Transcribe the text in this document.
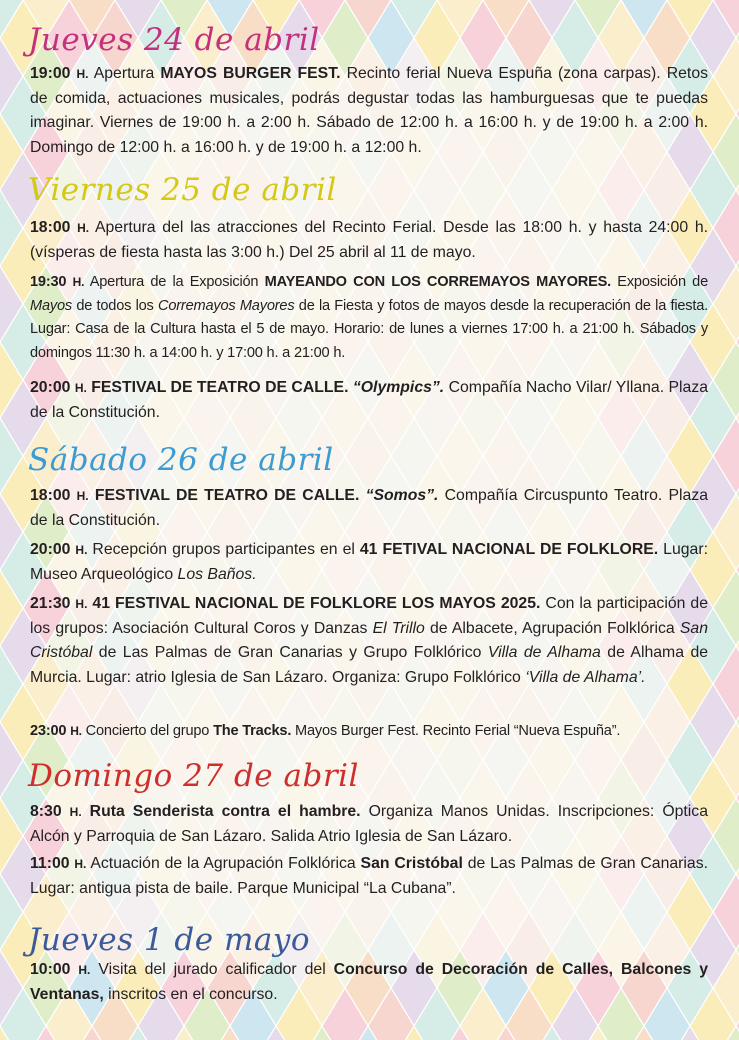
Jueves 24 de abril
19:00 H. Apertura MAYOS BURGER FEST. Recinto ferial Nueva Espuña (zona carpas). Retos de comida, actuaciones musicales, podrás degustar todas las hamburguesas que te puedas imaginar. Viernes de 19:00 h. a 2:00 h. Sábado de 12:00 h. a 16:00 h. y de 19:00 h. a 2:00 h. Domingo de 12:00 h. a 16:00 h. y de 19:00 h. a 12:00 h.
Viernes 25 de abril
18:00 H. Apertura del las atracciones del Recinto Ferial. Desde las 18:00 h. y hasta 24:00 h. (vísperas de fiesta hasta las 3:00 h.) Del 25 abril al 11 de mayo.
19:30 H. Apertura de la Exposición MAYEANDO CON LOS CORREMAYOS MAYORES. Exposición de Mayos de todos los Corremayos Mayores de la Fiesta y fotos de mayos desde la recuperación de la fiesta. Lugar: Casa de la Cultura hasta el 5 de mayo. Horario: de lunes a viernes 17:00 h. a 21:00 h. Sábados y domingos 11:30 h. a 14:00 h. y 17:00 h. a 21:00 h.
20:00 H. FESTIVAL DE TEATRO DE CALLE. “Olympics”. Compañía Nacho Vilar/ Yllana. Plaza de la Constitución.
Sábado 26 de abril
18:00 H. FESTIVAL DE TEATRO DE CALLE. “Somos”. Compañía Circuspunto Teatro. Plaza de la Constitución.
20:00 H. Recepción grupos participantes en el 41 FETIVAL NACIONAL DE FOLKLORE. Lugar: Museo Arqueológico Los Baños.
21:30 H. 41 FESTIVAL NACIONAL DE FOLKLORE LOS MAYOS 2025. Con la participación de los grupos: Asociación Cultural Coros y Danzas El Trillo de Albacete, Agrupación Folklórica San Cristóbal de Las Palmas de Gran Canarias y Grupo Folklórico Villa de Alhama de Alhama de Murcia. Lugar: atrio Iglesia de San Lázaro. Organiza: Grupo Folklórico ‘Villa de Alhama’.
23:00 H. Concierto del grupo The Tracks. Mayos Burger Fest. Recinto Ferial “Nueva Espuña”.
Domingo 27 de abril
8:30 H. Ruta Senderista contra el hambre. Organiza Manos Unidas. Inscripciones: Óptica Alcón y Parroquia de San Lázaro. Salida Atrio Iglesia de San Lázaro.
11:00 H. Actuación de la Agrupación Folklórica San Cristóbal de Las Palmas de Gran Canarias. Lugar: antigua pista de baile. Parque Municipal “La Cubana”.
Jueves 1 de mayo
10:00 H. Visita del jurado calificador del Concurso de Decoración de Calles, Balcones y Ventanas, inscritos en el concurso.
